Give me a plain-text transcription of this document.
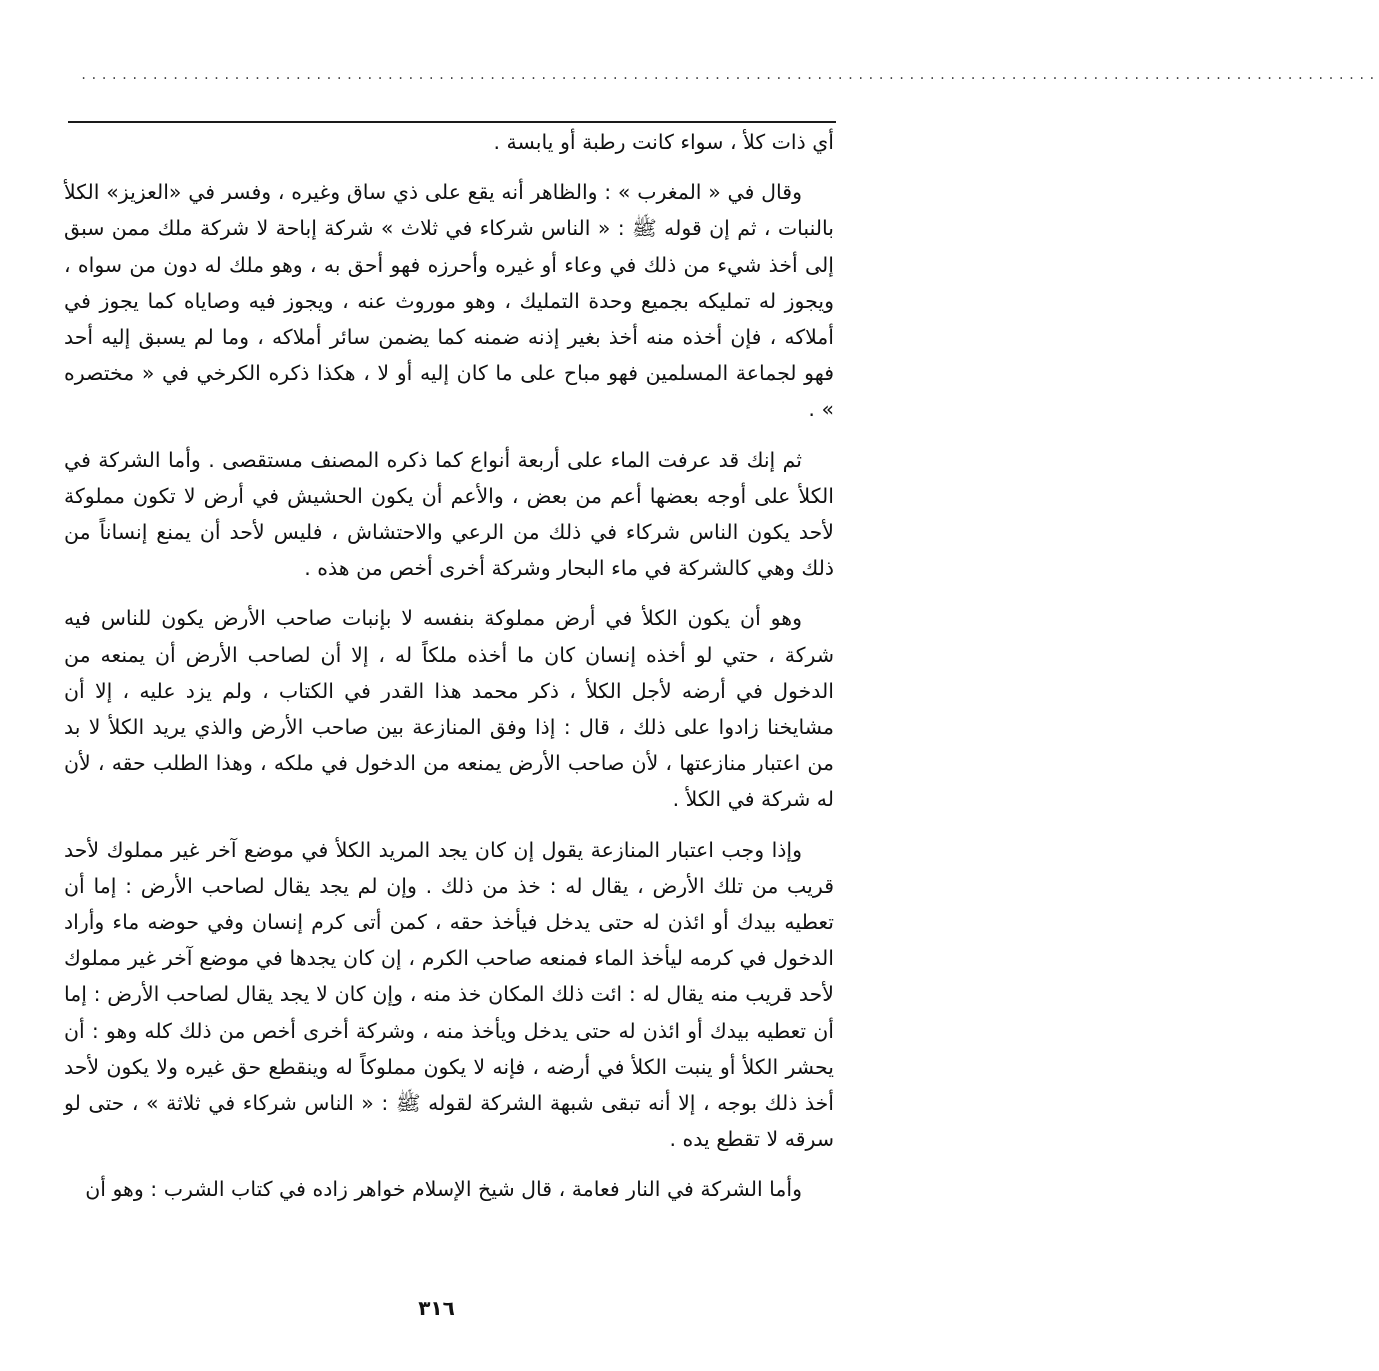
...............................................................................................................................

أي ذات كلأ ، سواء كانت رطبة أو يابسة .

وقال في « المغرب » : والظاهر أنه يقع على ذي ساق وغيره ، وفسر في «العزيز» الكلأ بالنبات ، ثم إن قوله ﷺ : « الناس شركاء في ثلاث » شركة إباحة لا شركة ملك ممن سبق إلى أخذ شيء من ذلك في وعاء أو غيره وأحرزه فهو أحق به ، وهو ملك له دون من سواه ، ويجوز له تمليكه بجميع وحدة التمليك ، وهو موروث عنه ، ويجوز فيه وصاياه كما يجوز في أملاكه ، فإن أخذه منه أخذ بغير إذنه ضمنه كما يضمن سائر أملاكه ، وما لم يسبق إليه أحد فهو لجماعة المسلمين فهو مباح على ما كان إليه أو لا ، هكذا ذكره الكرخي في « مختصره » .

ثم إنك قد عرفت الماء على أربعة أنواع كما ذكره المصنف مستقصى . وأما الشركة في الكلأ على أوجه بعضها أعم من بعض ، والأعم أن يكون الحشيش في أرض لا تكون مملوكة لأحد يكون الناس شركاء في ذلك من الرعي والاحتشاش ، فليس لأحد أن يمنع إنساناً من ذلك وهي كالشركة في ماء البحار وشركة أخرى أخص من هذه .

وهو أن يكون الكلأ في أرض مملوكة بنفسه لا بإنبات صاحب الأرض يكون للناس فيه شركة ، حتي لو أخذه إنسان كان ما أخذه ملكاً له ، إلا أن لصاحب الأرض أن يمنعه من الدخول في أرضه لأجل الكلأ ، ذكر محمد هذا القدر في الكتاب ، ولم يزد عليه ، إلا أن مشايخنا زادوا على ذلك ، قال : إذا وفق المنازعة بين صاحب الأرض والذي يريد الكلأ لا بد من اعتبار منازعتها ، لأن صاحب الأرض يمنعه من الدخول في ملكه ، وهذا الطلب حقه ، لأن له شركة في الكلأ .

وإذا وجب اعتبار المنازعة يقول إن كان يجد المريد الكلأ في موضع آخر غير مملوك لأحد قريب من تلك الأرض ، يقال له : خذ من ذلك . وإن لم يجد يقال لصاحب الأرض : إما أن تعطيه بيدك أو ائذن له حتى يدخل فيأخذ حقه ، كمن أتى كرم إنسان وفي حوضه ماء وأراد الدخول في كرمه ليأخذ الماء فمنعه صاحب الكرم ، إن كان يجدها في موضع آخر غير مملوك لأحد قريب منه يقال له : ائت ذلك المكان خذ منه ، وإن كان لا يجد يقال لصاحب الأرض : إما أن تعطيه بيدك أو ائذن له حتى يدخل ويأخذ منه ، وشركة أخرى أخص من ذلك كله وهو : أن يحشر الكلأ أو ينبت الكلأ في أرضه ، فإنه لا يكون مملوكاً له وينقطع حق غيره ولا يكون لأحد أخذ ذلك بوجه ، إلا أنه تبقى شبهة الشركة لقوله ﷺ : « الناس شركاء في ثلاثة » ، حتى لو سرقه لا تقطع يده .

وأما الشركة في النار فعامة ، قال شيخ الإسلام خواهر زاده في كتاب الشرب : وهو أن

٣١٦
